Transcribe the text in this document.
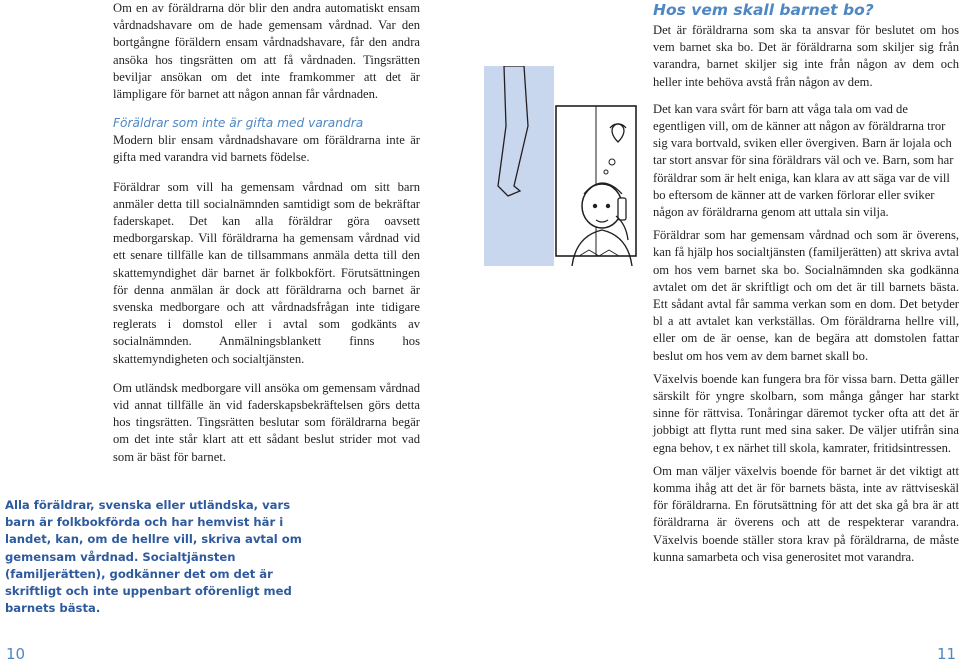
Om en av föräldrarna dör blir den andra automatiskt ensam vårdnadshavare om de hade gemensam vårdnad. Var den bortgångne föräldern ensam vårdnadshavare, får den andra ansöka hos tingsrätten om att få vårdnaden. Tingsrätten beviljar ansökan om det inte framkommer att det är lämpligare för barnet att någon annan får vårdnaden.

Föräldrar som inte är gifta med varandra

Modern blir ensam vårdnadshavare om föräldrarna inte är gifta med varandra vid barnets födelse.

Föräldrar som vill ha gemensam vårdnad om sitt barn anmäler detta till socialnämnden samtidigt som de bekräftar faderskapet. Det kan alla föräldrar göra oavsett medborgarskap. Vill föräldrarna ha gemensam vårdnad vid ett senare tillfälle kan de tillsammans anmäla detta till den skattemyndighet där barnet är folkbokfört. Förutsättningen för denna anmälan är dock att föräldrarna och barnet är svenska medborgare och att vårdnadsfrågan inte tidigare reglerats i domstol eller i avtal som godkänts av socialnämnden. Anmälningsblankett finns hos skattemyndigheten och socialtjänsten.

Om utländsk medborgare vill ansöka om gemensam vårdnad vid annat tillfälle än vid faderskapsbekräftelsen görs detta hos tingsrätten. Tingsrätten beslutar som föräldrarna begär om det inte står klart att ett sådant beslut strider mot vad som är bäst för barnet.

Alla föräldrar, svenska eller utländska, vars barn är folkbokförda och har hemvist här i landet, kan, om de hellre vill, skriva avtal om gemensam vårdnad. Socialtjänsten (familjerätten), godkänner det om det är skriftligt och inte uppenbart oförenligt med barnets bästa.

Hos vem skall barnet bo?

Det är föräldrarna som ska ta ansvar för beslutet om hos vem barnet ska bo. Det är föräldrarna som skiljer sig från varandra, barnet skiljer sig inte från någon av dem och heller inte behöva avstå från någon av dem.

Det kan vara svårt för barn att våga tala om vad de egentligen vill, om de känner att någon av föräldrarna tror sig vara bortvald, sviken eller övergiven. Barn är lojala och tar stort ansvar för sina föräldrars väl och ve. Barn, som har föräldrar som är helt eniga, kan klara av att säga var de vill bo eftersom de känner att de varken förlorar eller sviker någon av föräldrarna genom att uttala sin vilja.

Föräldrar som har gemensam vårdnad och som är överens, kan få hjälp hos socialtjänsten (familjerätten) att skriva avtal om hos vem barnet ska bo. Socialnämnden ska godkänna avtalet om det är skriftligt och om det är till barnets bästa. Ett sådant avtal får samma verkan som en dom. Det betyder bl a att avtalet kan verkställas. Om föräldrarna hellre vill, eller om de är oense, kan de begära att domstolen fattar beslut om hos vem av dem barnet skall bo.

Växelvis boende kan fungera bra för vissa barn. Detta gäller särskilt för yngre skolbarn, som många gånger har starkt sinne för rättvisa. Tonåringar däremot tycker ofta att det är jobbigt att flytta runt med sina saker. De väljer utifrån sina egna behov, t ex närhet till skola, kamrater, fritidsintressen.

Om man väljer växelvis boende för barnet är det viktigt att komma ihåg att det är för barnets bästa, inte av rättviseskäl för föräldrarna. En förutsättning för att det ska gå bra är att föräldrarna är överens och att de respekterar varandra. Växelvis boende ställer stora krav på föräldrarna, de måste kunna samarbeta och visa generositet mot varandra.

10	11
